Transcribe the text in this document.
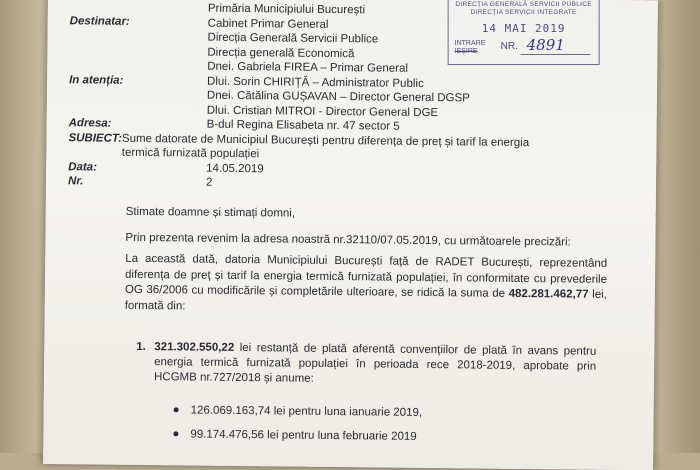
Destinatar:
Primăria Municipiului București
Cabinet Primar General
Direcția Generală Servicii Publice
Direcția generală Economică
Dnei. Gabriela FIREA – Primar General
In atenția:	Dlui. Sorin CHIRIȚĂ – Administrator Public
Dnei. Cătălina GUȘAVAN – Director General DGSP
Dlui. Cristian MITROI - Director General DGE
Adresa:	B-dul Regina Elisabeta nr. 47 sector 5
SUBIECT: Sume datorate de Municipiul București pentru diferența de preț și tarif la energia
termică furnizată populației
Data:	14.05.2019
Nr.	2
DIRECȚIA GENERALĂ SERVICII PUBLICE
DIRECȚIA SERVICII INTEGRATE
14 MAI 2019
INTRARE
IEȘIRE	NR. 4891
Stimate doamne și stimați domni,
Prin prezenta revenim la adresa noastră nr.32110/07.05.2019, cu următoarele precizări:
La această dată, datoria Municipiului București față de RADET București, reprezentând diferența de preț și tarif la energia termică furnizată populației, în conformitate cu prevederile OG 36/2006 cu modificările și completările ulterioare, se ridică la suma de 482.281.462,77 lei, formată din:
1. 321.302.550,22 lei restanță de plată aferentă convențiilor de plată în avans pentru energia termică furnizată populației în perioada rece 2018-2019, aprobate prin HCGMB nr.727/2018 și anume:
126.069.163,74 lei pentru luna ianuarie 2019,
99.174.476,56 lei pentru luna februarie 2019
